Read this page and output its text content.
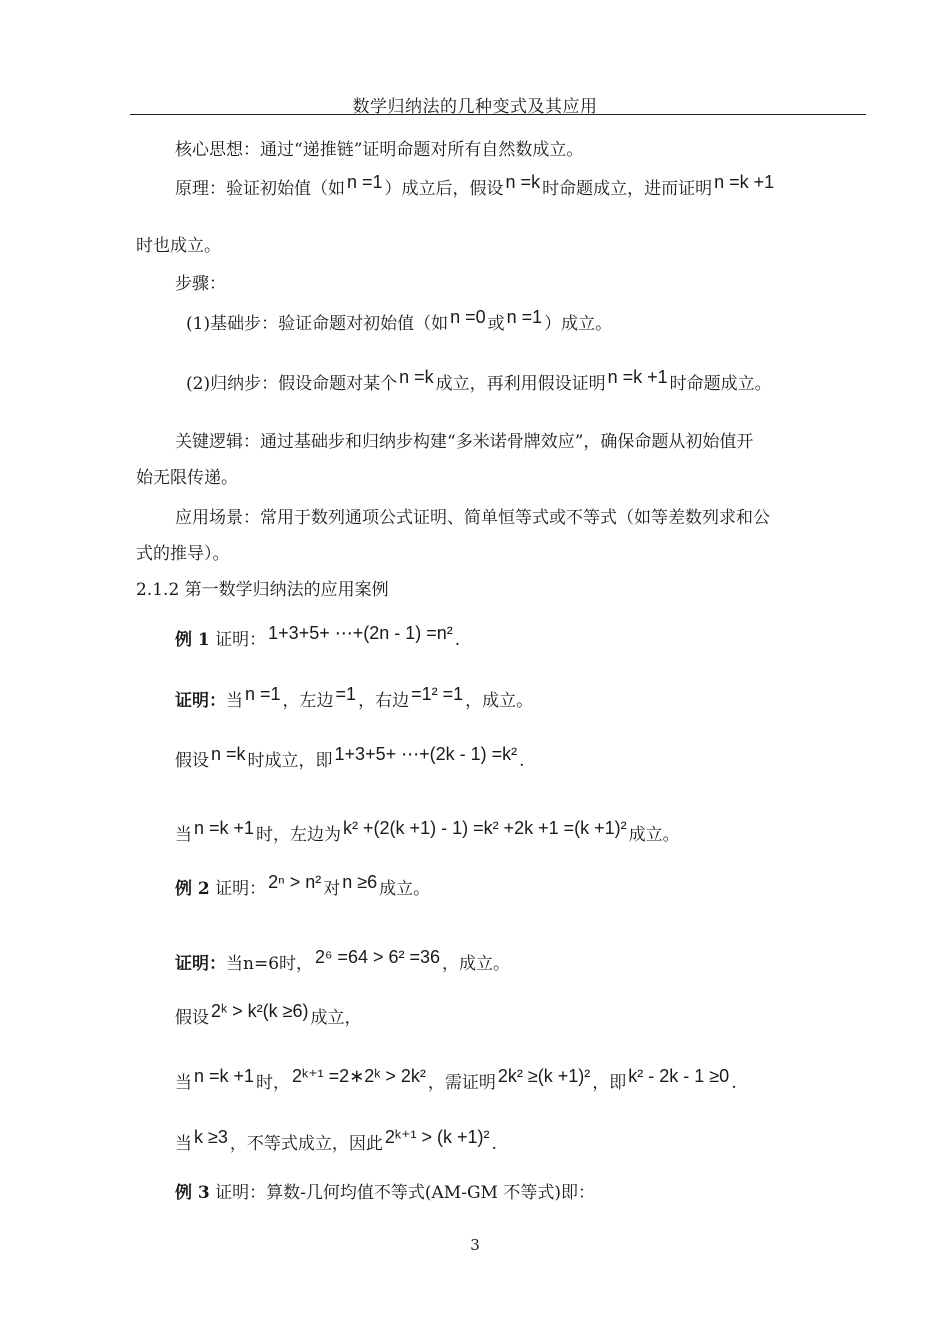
数学归纳法的几种变式及其应用
核心思想：通过“递推链”证明命题对所有自然数成立。
原理：验证初始值（如 n =1 ）成立后，假设 n =k 时命题成立，进而证明 n =k +1
时也成立。
步骤：
(1)基础步：验证命题对初始值（如 n =0 或 n =1 ）成立。
(2)归纳步：假设命题对某个 n =k 成立，再利用假设证明 n =k +1 时命题成立。
关键逻辑：通过基础步和归纳步构建“多米诺骨牌效应”，确保命题从初始值开
始无限传递。
应用场景：常用于数列通项公式证明、简单恒等式或不等式（如等差数列求和公
式的推导）。
2.1.2 第一数学归纳法的应用案例
例 1 证明： 1+3+5+ ⋯+(2n - 1) =n² .
证明：当 n =1 ，左边 =1 ，右边 =1² =1 ，成立。
假设 n =k 时成立，即 1+3+5+ ⋯+(2k - 1) =k² .
当 n =k +1 时，左边为 k² +(2(k +1) - 1) =k² +2k +1 =(k +1)² 成立。
例 2 证明： 2ⁿ > n² 对 n ≥6 成立。
证明：当n=6时， 2⁶ =64 > 6² =36 ，成立。
假设 2ᵏ > k²(k ≥6) 成立，
当 n =k +1 时， 2ᵏ⁺¹ =2∗2ᵏ > 2k² ，需证明 2k² ≥(k +1)² ，即 k² - 2k - 1 ≥0 .
当 k ≥3 ，不等式成立，因此 2ᵏ⁺¹ > (k +1)² .
例 3 证明：算数-几何均值不等式(AM-GM 不等式)即：
3
